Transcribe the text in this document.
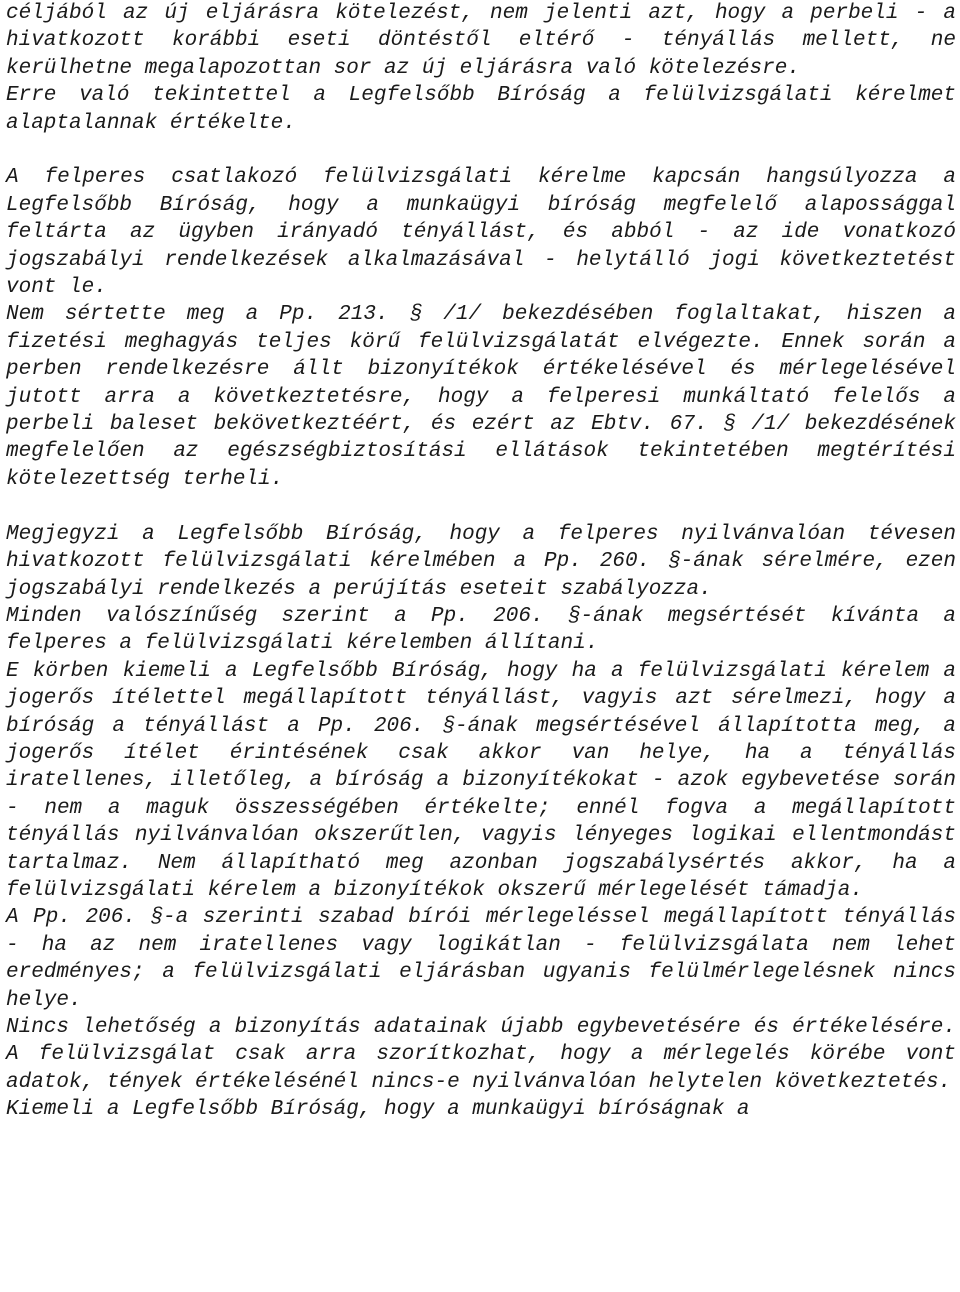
céljából az új eljárásra kötelezést, nem jelenti azt, hogy a perbeli - a hivatkozott korábbi eseti döntéstől eltérő - tényállás mellett, ne kerülhetne megalapozottan sor az új eljárásra való kötelezésre.

Erre való tekintettel a Legfelsőbb Bíróság a felülvizsgálati kérelmet alaptalannak értékelte.

A felperes csatlakozó felülvizsgálati kérelme kapcsán hangsúlyozza a Legfelsőbb Bíróság, hogy a munkaügyi bíróság megfelelő alapossággal feltárta az ügyben irányadó tényállást, és abból - az ide vonatkozó jogszabályi rendelkezések alkalmazásával - helytálló jogi következtetést vont le.

Nem sértette meg a Pp. 213. § /1/ bekezdésében foglaltakat, hiszen a fizetési meghagyás teljes körű felülvizsgálatát elvégezte. Ennek során a perben rendelkezésre állt bizonyítékok értékelésével és mérlegelésével jutott arra a következtetésre, hogy a felperesi munkáltató felelős a perbeli baleset bekövetkeztéért, és ezért az Ebtv. 67. § /1/ bekezdésének megfelelően az egészségbiztosítási ellátások tekintetében megtérítési kötelezettség terheli.

Megjegyzi a Legfelsőbb Bíróság, hogy a felperes nyilvánvalóan tévesen hivatkozott felülvizsgálati kérelmében a Pp. 260. §-ának sérelmére, ezen jogszabályi rendelkezés a perújítás eseteit szabályozza.

Minden valószínűség szerint a Pp. 206. §-ának megsértését kívánta a felperes a felülvizsgálati kérelemben állítani.

E körben kiemeli a Legfelsőbb Bíróság, hogy ha a felülvizsgálati kérelem a jogerős ítélettel megállapított tényállást, vagyis azt sérelmezi, hogy a bíróság a tényállást a Pp. 206. §-ának megsértésével állapította meg, a jogerős ítélet érintésének csak akkor van helye, ha a tényállás iratellenes, illetőleg, a bíróság a bizonyítékokat - azok egybevetése során - nem a maguk összességében értékelte; ennél fogva a megállapított tényállás nyilvánvalóan okszerűtlen, vagyis lényeges logikai ellentmondást tartalmaz. Nem állapítható meg azonban jogszabálysértés akkor, ha a felülvizsgálati kérelem a bizonyítékok okszerű mérlegelését támadja.

A Pp. 206. §-a szerinti szabad bírói mérlegeléssel megállapított tényállás - ha az nem iratellenes vagy logikátlan - felülvizsgálata nem lehet eredményes; a felülvizsgálati eljárásban ugyanis felülmérlegelésnek nincs helye.

Nincs lehetőség a bizonyítás adatainak újabb egybevetésére és értékelésére. A felülvizsgálat csak arra szorítkozhat, hogy a mérlegelés körébe vont adatok, tények értékelésénél nincs-e nyilvánvalóan helytelen következtetés.

Kiemeli a Legfelsőbb Bíróság, hogy a munkaügyi bíróságnak a
